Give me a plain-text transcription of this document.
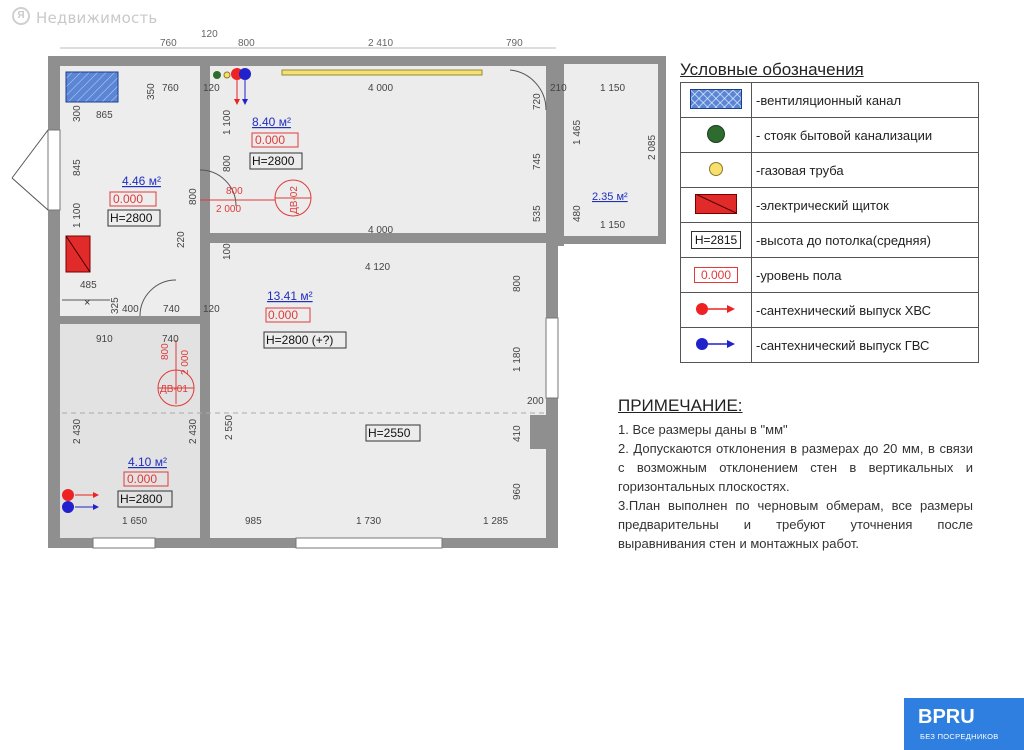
Я Недвижимость
×
760
120
800	2 410	790
760 120	4 000
720
745
535
4 000
1 100
800
800
100
350
300 865
845
1 100
220
485
325 400 740 120
800
2 000	ДВ-02
800 2 000
ДВ-01
210	1 150
1 465
2 085
480
1 150
4 120
800
1 180
200
410
960
985	1 730	1 285
2 550
910	740
2 430	2 430
1 650
4.46 м²
0.000
H=2800
8.40 м²
0.000
H=2800
2.35 м²
13.41 м²
0.000
H=2800 (+?)
H=2550
4.10 м²
0.000
H=2800
Условные обозначения
	-вентиляционный канал
	- стояк бытовой канализации
	-газовая труба
	-электрический щиток
H=2815	-высота до потолка(средняя)
0.000	-уровень пола
	-сантехнический выпуск ХВС
	-сантехнический выпуск ГВС
ПРИМЕЧАНИЕ:
1. Все размеры даны в "мм"
2. Допускаются отклонения в размерах до 20 мм, в связи с возможным отклонением стен в вертикальных и горизонтальных плоскостях.
3.План выполнен по черновым обмерам, все размеры предварительны и требуют уточнения после выравнивания стен и монтажных работ.
BPRU
БЕЗ ПОСРЕДНИКОВ
